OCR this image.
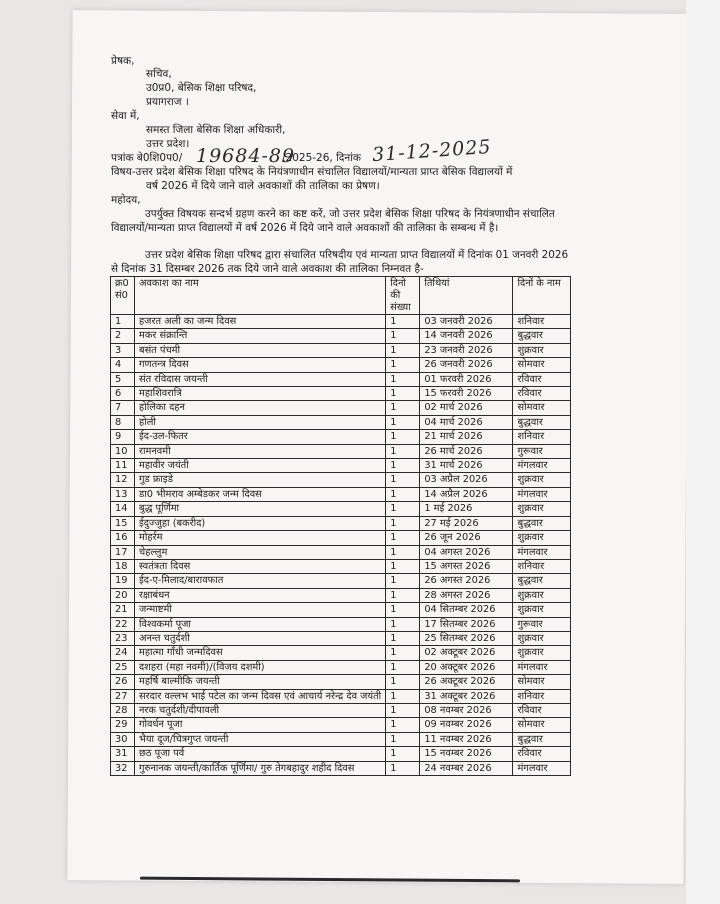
प्रेषक,
सचिव,
उ0प्र0, बेसिक शिक्षा परिषद,
प्रयागराज ।
सेवा में,
समस्त जिला बेसिक शिक्षा अधिकारी,
उत्तर प्रदेश।
पत्रांक बे0शि0प0/ 19684-89
/2025-26, दिनांक 31-12-2025
विषय-उत्तर प्रदेश बेसिक शिक्षा परिषद के नियंत्रणाधीन संचालित विद्यालयों/मान्यता प्राप्त बेसिक विद्यालयों में
वर्ष 2026 में दिये जाने वाले अवकाशों की तालिका का प्रेषण।
महोदय,
उपर्युक्त विषयक सन्दर्भ ग्रहण करने का कष्ट करें, जो उत्तर प्रदेश बेसिक शिक्षा परिषद के नियंत्रणाधीन संचालित विद्यालयों/मान्यता प्राप्त विद्यालयों में वर्ष 2026 में दिये जाने वाले अवकाशों की तालिका के सम्बन्ध में है।
उत्तर प्रदेश बेसिक शिक्षा परिषद द्वारा संचालित परिषदीय एवं मान्यता प्राप्त विद्यालयों में दिनांक 01 जनवरी 2026 से दिनांक 31 दिसम्बर 2026 तक दिये जाने वाले अवकाश की तालिका निम्नवत है-
क्र0 सं0	अवकाश का नाम	दिनो की संख्या	तिथियां	दिनों के नाम
1	हजरत अली का जन्म दिवस	1	03 जनवरी 2026	शनिवार
2	मकर संक्रान्ति	1	14 जनवरी 2026	बुद्धवार
3	बसंत पंचमी	1	23 जनवरी 2026	शुक्रवार
4	गणतन्त्र दिवस	1	26 जनवरी 2026	सोमवार
5	संत रविदास जयन्ती	1	01 फरवरी 2026	रविवार
6	महाशिवरात्रि	1	15 फरवरी 2026	रविवार
7	होलिका दहन	1	02 मार्च 2026	सोमवार
8	होली	1	04 मार्च 2026	बुद्धवार
9	ईद-उल-फितर	1	21 मार्च 2026	शनिवार
10	रामनवमी	1	26 मार्च 2026	गुरूवार
11	महावीर जयंती	1	31 मार्च 2026	मंगलवार
12	गुड फ्राइडे	1	03 अप्रैल 2026	शुक्रवार
13	डा0 भीमराव अम्बेडकर जन्म दिवस	1	14 अप्रैल 2026	मंगलवार
14	बुद्ध पूर्णिमा	1	1 मई 2026	शुक्रवार
15	ईदुज्जुहा (बकरीद)	1	27 मई 2026	बुद्धवार
16	मोहर्रम	1	26 जून 2026	शुक्रवार
17	चेहल्लुम	1	04 अगस्त 2026	मंगलवार
18	स्वतंत्रता दिवस	1	15 अगस्त 2026	शनिवार
19	ईद-ए-मिलाद/बारावफात	1	26 अगस्त 2026	बुद्धवार
20	रक्षाबंधन	1	28 अगस्त 2026	शुक्रवार
21	जन्माष्टमी	1	04 सितम्बर 2026	शुक्रवार
22	विश्वकर्मा पूजा	1	17 सितम्बर 2026	गुरूवार
23	अनन्त चतुर्दशी	1	25 सितम्बर 2026	शुक्रवार
24	महात्मा गाँधी जन्मदिवस	1	02 अक्टूबर 2026	शुक्रवार
25	दशहरा (महा नवमी)/(विजय दशमी)	1	20 अक्टूबर 2026	मंगलवार
26	महर्षि बाल्मीकि जयन्ती	1	26 अक्टूबर 2026	सोमवार
27	सरदार वल्लभ भाई पटेल का जन्म दिवस एवं आचार्य नरेन्द्र देव जयंती	1	31 अक्टूबर 2026	शनिवार
28	नरक चतुर्दशी/दीपावली	1	08 नवम्बर 2026	रविवार
29	गोवर्धन पूजा	1	09 नवम्बर 2026	सोमवार
30	भैया दूज/चित्रगुप्त जयन्ती	1	11 नवम्बर 2026	बुद्धवार
31	छठ पूजा पर्व	1	15 नवम्बर 2026	रविवार
32	गुरुनानक जयन्ती/कार्तिक पूर्णिमा/ गुरु तेगबहादुर शहीद दिवस	1	24 नवम्बर 2026	मंगलवार
